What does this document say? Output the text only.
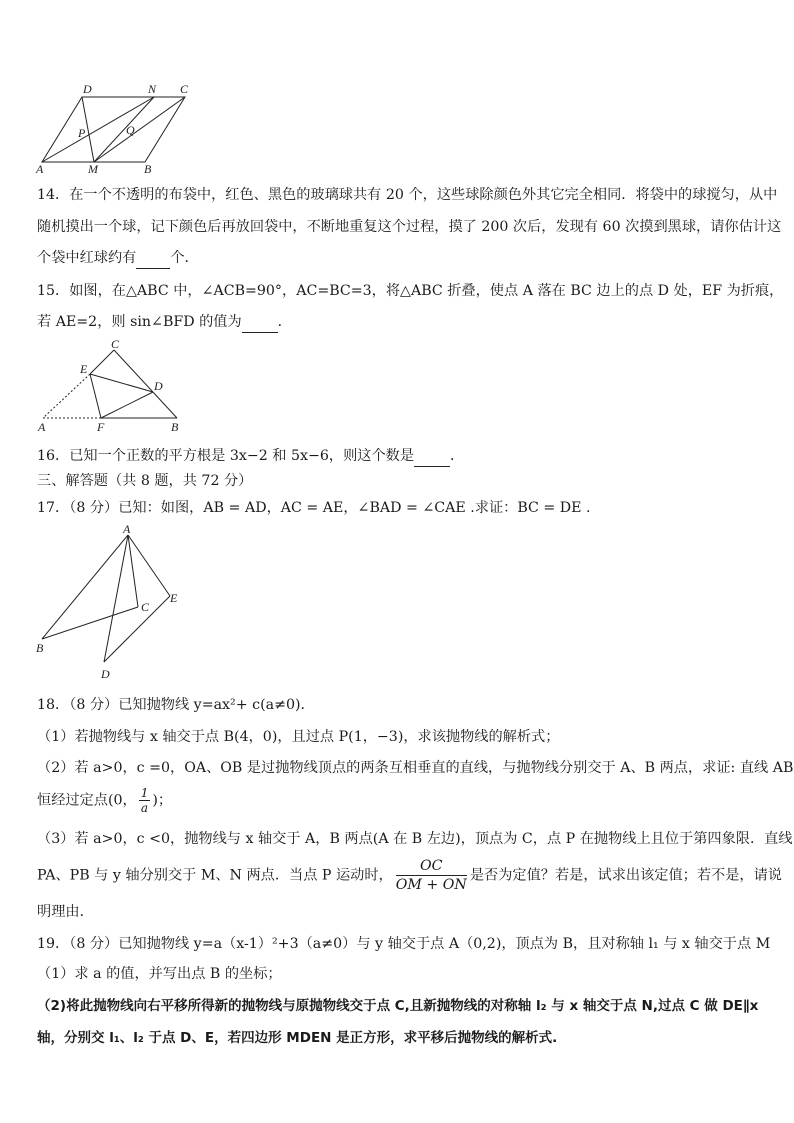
D	N C
P	Q
A	M	B
14．在一个不透明的布袋中，红色、黑色的玻璃球共有 20 个，这些球除颜色外其它完全相同．将袋中的球搅匀，从中
随机摸出一个球，记下颜色后再放回袋中，不断地重复这个过程，摸了 200 次后，发现有 60 次摸到黑球，请你估计这
个袋中红球约有 个．
15．如图，在△ABC 中，∠ACB=90°，AC=BC=3，将△ABC 折叠，使点 A 落在 BC 边上的点 D 处，EF 为折痕，
若 AE=2，则 sin∠BFD 的值为	．
C
E
D
A	F	B
16．已知一个正数的平方根是 3x−2 和 5x−6，则这个数是	．
三、解答题（共 8 题，共 72 分）
17．（8 分）已知：如图，AB = AD，AC = AE，∠BAD = ∠CAE .求证：BC = DE .
A
C
E
B
D
18．（8 分）已知抛物线 y=ax²+ c(a≠0)．
（1）若抛物线与 x 轴交于点 B(4，0)，且过点 P(1，−3)，求该抛物线的解析式；
（2）若 a>0，c =0，OA、OB 是过抛物线顶点的两条互相垂直的直线，与抛物线分别交于 A、B 两点，求证: 直线 AB
恒经过定点(0， $\frac{1}{a}$ )；
（3）若 a>0，c <0，抛物线与 x 轴交于 A，B 两点(A 在 B 左边)，顶点为 C，点 P 在抛物线上且位于第四象限．直线
PA、PB 与 y 轴分别交于 M、N 两点．当点 P 运动时， $\frac{OC}{OM + ON}$ 是否为定值？若是，试求出该定值；若不是，请说
明理由．
19．（8 分）已知抛物线 y=a（x-1）²+3（a≠0）与 y 轴交于点 A（0,2)，顶点为 B，且对称轴 l₁ 与 x 轴交于点 M
（1）求 a 的值，并写出点 B 的坐标；
（2)将此抛物线向右平移所得新的抛物线与原抛物线交于点 C,且新抛物线的对称轴 l₂ 与 x 轴交于点 N,过点 C 做 DE∥x
轴，分别交 l₁、l₂ 于点 D、E，若四边形 MDEN 是正方形，求平移后抛物线的解析式.
